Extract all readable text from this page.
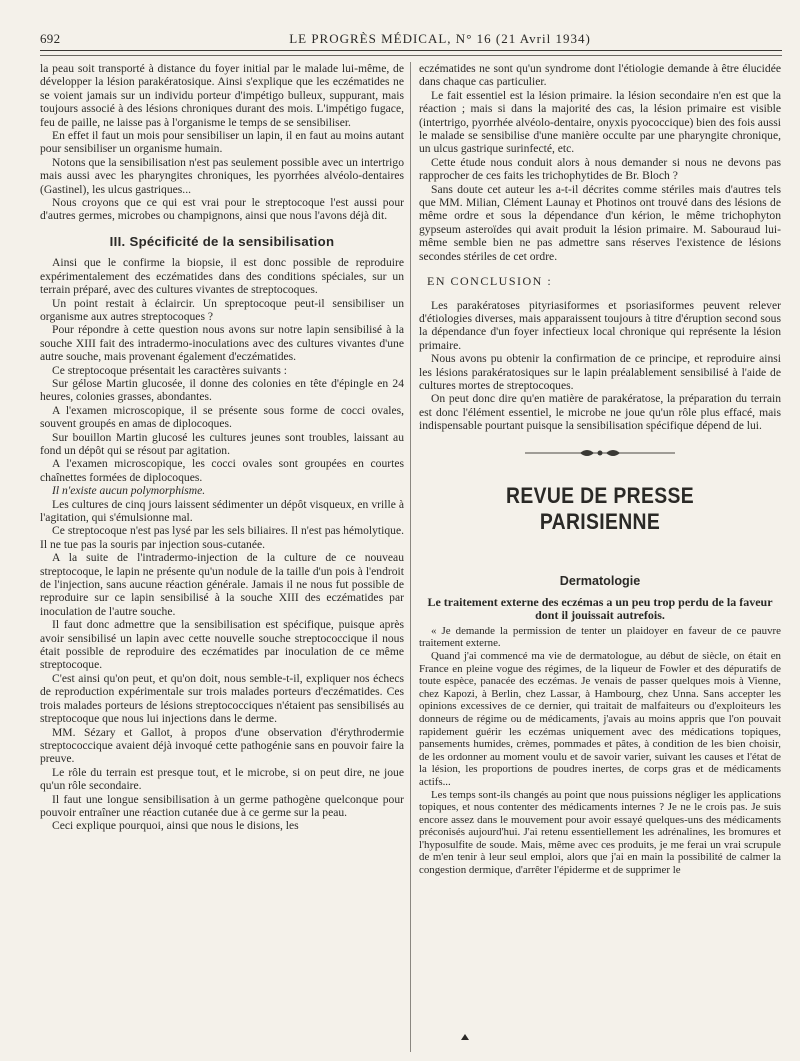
692	LE PROGRÈS MÉDICAL, N° 16 (21 Avril 1934)

la peau soit transporté à distance du foyer initial par le malade lui-même, de développer la lésion parakératosique. Ainsi s'explique que les eczématides ne se voient jamais sur un individu porteur d'impétigo bulleux, suppurant, mais toujours associé à des lésions chroniques durant des mois. L'impétigo fugace, feu de paille, ne laisse pas à l'organisme le temps de se sensibiliser.

En effet il faut un mois pour sensibiliser un lapin, il en faut au moins autant pour sensibiliser un organisme humain.

Notons que la sensibilisation n'est pas seulement possible avec un intertrigo mais aussi avec les pharyngites chroniques, les pyorrhées alvéolo-dentaires (Gastinel), les ulcus gastriques...

Nous croyons que ce qui est vrai pour le streptocoque l'est aussi pour d'autres germes, microbes ou champignons, ainsi que nous l'avons déjà dit.

III. Spécificité de la sensibilisation

Ainsi que le confirme la biopsie, il est donc possible de reproduire expérimentalement des eczématides dans des conditions spéciales, sur un terrain préparé, avec des cultures vivantes de streptocoques.

Un point restait à éclaircir. Un spreptocoque peut-il sensibiliser un organisme aux autres streptocoques ?

Pour répondre à cette question nous avons sur notre lapin sensibilisé à la souche XIII fait des intradermo-inoculations avec des cultures vivantes d'une autre souche, mais provenant également d'eczématides.

Ce streptocoque présentait les caractères suivants :

Sur gélose Martin glucosée, il donne des colonies en tête d'épingle en 24 heures, colonies grasses, abondantes.

A l'examen microscopique, il se présente sous forme de cocci ovales, souvent groupés en amas de diplocoques.

Sur bouillon Martin glucosé les cultures jeunes sont troubles, laissant au fond un dépôt qui se résout par agitation.

A l'examen microscopique, les cocci ovales sont groupées en courtes chaînettes formées de diplocoques.

Il n'existe aucun polymorphisme.

Les cultures de cinq jours laissent sédimenter un dépôt visqueux, en vrille à l'agitation, qui s'émulsionne mal.

Ce streptocoque n'est pas lysé par les sels biliaires. Il n'est pas hémolytique. Il ne tue pas la souris par injection sous-cutanée.

A la suite de l'intradermo-injection de la culture de ce nouveau streptocoque, le lapin ne présente qu'un nodule de la taille d'un pois à l'endroit de l'injection, sans aucune réaction générale. Jamais il ne nous fut possible de reproduire sur ce lapin sensibilisé à la souche XIII des eczématides par inoculation de l'autre souche.

Il faut donc admettre que la sensibilisation est spécifique, puisque après avoir sensibilisé un lapin avec cette nouvelle souche streptococcique il nous était possible de reproduire des eczématides par inoculation de ce même streptocoque.

C'est ainsi qu'on peut, et qu'on doit, nous semble-t-il, expliquer nos échecs de reproduction expérimentale sur trois malades porteurs d'eczématides. Ces trois malades porteurs de lésions streptococciques n'étaient pas sensibilisés au streptocoque que nous lui injections dans le derme.

MM. Sézary et Gallot, à propos d'une observation d'érythrodermie streptococcique avaient déjà invoqué cette pathogénie sans en pouvoir faire la preuve.

Le rôle du terrain est presque tout, et le microbe, si on peut dire, ne joue qu'un rôle secondaire.

Il faut une longue sensibilisation à un germe pathogène quelconque pour pouvoir entraîner une réaction cutanée due à ce germe sur la peau.

Ceci explique pourquoi, ainsi que nous le disions, les

eczématides ne sont qu'un syndrome dont l'étiologie demande à être élucidée dans chaque cas particulier.

Le fait essentiel est la lésion primaire. la lésion secondaire n'en est que la réaction ; mais si dans la majorité des cas, la lésion primaire est visible (intertrigo, pyorrhée alvéolo-dentaire, onyxis pyococcique) bien des fois aussi le malade se sensibilise d'une manière occulte par une pharyngite chronique, un ulcus gastrique surinfecté, etc.

Cette étude nous conduit alors à nous demander si nous ne devons pas rapprocher de ces faits les trichophytides de Br. Bloch ?

Sans doute cet auteur les a-t-il décrites comme stériles mais d'autres tels que MM. Milian, Clément Launay et Photinos ont trouvé dans des lésions de même ordre et sous la dépendance d'un kérion, le même trichophyton gypseum asteroïdes qui avait produit la lésion primaire. M. Sabouraud lui-même semble bien ne pas admettre sans réserves l'existence de lésions secondes stériles de cet ordre.

EN CONCLUSION :

Les parakératoses pityriasiformes et psoriasiformes peuvent relever d'étiologies diverses, mais apparaissent toujours à titre d'éruption second sous la dépendance d'un foyer infectieux local chronique qui représente la lésion primaire.

Nous avons pu obtenir la confirmation de ce principe, et reproduire ainsi les lésions parakératosiques sur le lapin préalablement sensibilisé à l'aide de cultures mortes de streptocoques.

On peut donc dire qu'en matière de parakératose, la préparation du terrain est donc l'élément essentiel, le microbe ne joue qu'un rôle plus effacé, mais indispensable pourtant puisque la sensibilisation spécifique dépend de lui.

REVUE DE PRESSE PARISIENNE
Dermatologie
Le traitement externe des eczémas a un peu trop perdu de la faveur dont il jouissait autrefois.

« Je demande la permission de tenter un plaidoyer en faveur de ce pauvre traitement externe.

Quand j'ai commencé ma vie de dermatologue, au début de siècle, on était en France en pleine vogue des régimes, de la liqueur de Fowler et des dépuratifs de toute espèce, panacée des eczémas. Je venais de passer quelques mois à Vienne, chez Kapozi, à Berlin, chez Lassar, à Hambourg, chez Unna. Sans accepter les opinions excessives de ce dernier, qui traitait de malfaiteurs ou d'exploiteurs les donneurs de régime ou de médicaments, j'avais au moins appris que l'on pouvait rapidement guérir les eczémas uniquement avec des médications topiques, pansements humides, crèmes, pommades et pâtes, à condition de les bien choisir, de les ordonner au moment voulu et de savoir varier, suivant les causes et l'état de la lésion, les proportions de poudres inertes, de corps gras et de médicaments actifs...

Les temps sont-ils changés au point que nous puissions négliger les applications topiques, et nous contenter des médicaments internes ? Je ne le crois pas. Je suis encore assez dans le mouvement pour avoir essayé quelques-uns des médicaments préconisés aujourd'hui. J'ai retenu essentiellement les adrénalines, les bromures et l'hyposulfite de soude. Mais, même avec ces produits, je me ferai un vrai scrupule de m'en tenir à leur seul emploi, alors que j'ai en main la possibilité de calmer la congestion dermique, d'arrêter l'épiderme et de supprimer le
